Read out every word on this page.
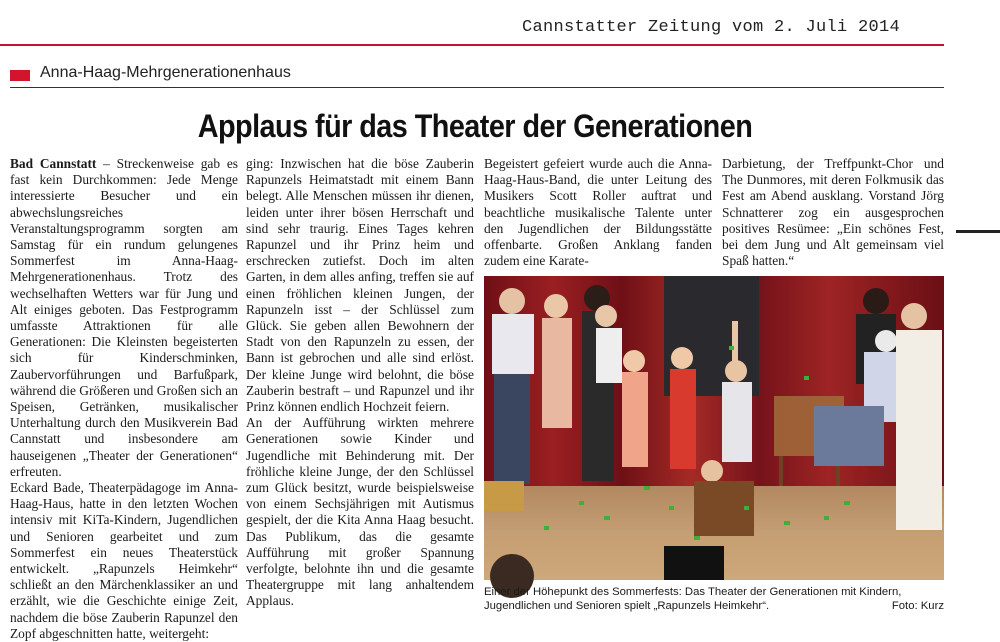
Cannstatter Zeitung vom 2. Juli 2014
Anna-Haag-Mehrgenerationenhaus
Applaus für das Theater der Generationen

Bad Cannstatt – Streckenweise gab es fast kein Durchkommen: Jede Menge interessierte Besucher und ein abwechslungsreiches Veranstaltungsprogramm sorgten am Samstag für ein rundum gelungenes Sommerfest im Anna-Haag-Mehrgenerationenhaus. Trotz des wechselhaften Wetters war für Jung und Alt einiges geboten. Das Festprogramm umfasste Attraktionen für alle Generationen: Die Kleinsten begeisterten sich für Kinderschminken, Zaubervorführungen und Barfußpark, während die Größeren und Großen sich an Speisen, Getränken, musikalischer Unterhaltung durch den Musikverein Bad Cannstatt und insbesondere am hauseigenen „Theater der Generationen“ erfreuten.

Eckard Bade, Theaterpädagoge im Anna-Haag-Haus, hatte in den letzten Wochen intensiv mit KiTa-Kindern, Jugendlichen und Senioren gearbeitet und zum Sommerfest ein neues Theaterstück entwickelt. „Rapunzels Heimkehr“ schließt an den Märchenklassiker an und erzählt, wie die Geschichte einige Zeit, nachdem die böse Zauberin Rapunzel den Zopf abgeschnitten hatte, weitergeht:

ging: Inzwischen hat die böse Zauberin Rapunzels Heimatstadt mit einem Bann belegt. Alle Menschen müssen ihr dienen, leiden unter ihrer bösen Herrschaft und sind sehr traurig. Eines Tages kehren Rapunzel und ihr Prinz heim und erschrecken zutiefst. Doch im alten Garten, in dem alles anfing, treffen sie auf einen fröhlichen kleinen Jungen, der Rapunzeln isst – der Schlüssel zum Glück. Sie geben allen Bewohnern der Stadt von den Rapunzeln zu essen, der Bann ist gebrochen und alle sind erlöst. Der kleine Junge wird belohnt, die böse Zauberin bestraft – und Rapunzel und ihr Prinz können endlich Hochzeit feiern.

An der Aufführung wirkten mehrere Generationen sowie Kinder und Jugendliche mit Behinderung mit. Der fröhliche kleine Junge, der den Schlüssel zum Glück besitzt, wurde beispielsweise von einem Sechsjährigen mit Autismus gespielt, der die Kita Anna Haag besucht. Das Publikum, das die gesamte Aufführung mit großer Spannung verfolgte, belohnte ihn und die gesamte Theatergruppe mit lang anhaltendem Applaus.

Begeistert gefeiert wurde auch die Anna-Haag-Haus-Band, die unter Leitung des Musikers Scott Roller auftrat und beachtliche musikalische Talente unter den Jugendlichen der Bildungsstätte offenbarte. Großen Anklang fanden zudem eine Karate-

Darbietung, der Treffpunkt-Chor und The Dunmores, mit deren Folkmusik das Fest am Abend ausklang. Vorstand Jörg Schnatterer zog ein ausgesprochen positives Resümee: „Ein schönes Fest, bei dem Jung und Alt gemeinsam viel Spaß hatten.“

Einer der Höhepunkt des Sommerfests: Das Theater der Generationen mit Kindern, Jugendlichen und Senioren spielt „Rapunzels Heimkehr“.	Foto: Kurz
